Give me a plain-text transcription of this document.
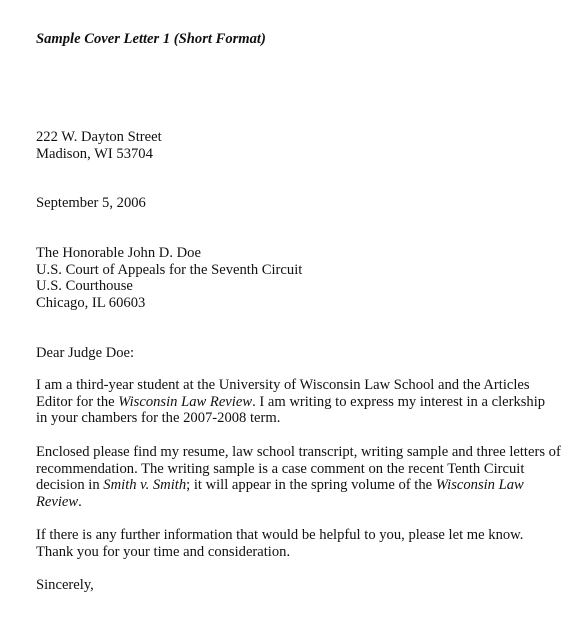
Sample Cover Letter 1 (Short Format)
222 W. Dayton Street
Madison, WI 53704
September 5, 2006
The Honorable John D. Doe
U.S. Court of Appeals for the Seventh Circuit
U.S. Courthouse
Chicago, IL 60603
Dear Judge Doe:
I am a third-year student at the University of Wisconsin Law School and the Articles
Editor for the Wisconsin Law Review. I am writing to express my interest in a clerkship
in your chambers for the 2007-2008 term.
Enclosed please find my resume, law school transcript, writing sample and three letters of
recommendation. The writing sample is a case comment on the recent Tenth Circuit
decision in Smith v. Smith; it will appear in the spring volume of the Wisconsin Law
Review.
If there is any further information that would be helpful to you, please let me know.
Thank you for your time and consideration.
Sincerely,
